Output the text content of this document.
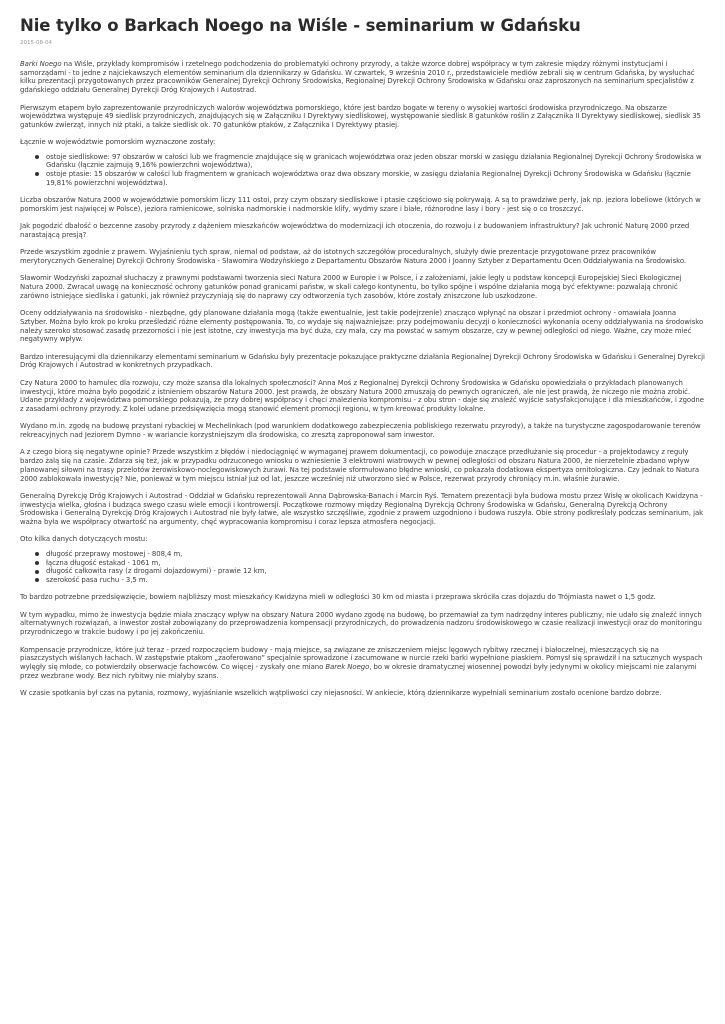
Nie tylko o Barkach Noego na Wiśle - seminarium w Gdańsku
2015-08-04

Barki Noego na Wiśle, przykłady kompromisów i rzetelnego podchodzenia do problematyki ochrony przyrody, a także wzorce dobrej współpracy w tym zakresie między różnymi instytucjami i samorządami - to jedne z najciekawszych elementów seminarium dla dziennikarzy w Gdańsku. W czwartek, 9 września 2010 r., przedstawiciele mediów zebrali się w centrum Gdańska, by wysłuchać kilku prezentacji przygotowanych przez pracowników Generalnej Dyrekcji Ochrony Środowiska, Regionalnej Dyrekcji Ochrony Środowiska w Gdańsku oraz zaproszonych na seminarium specjalistów z gdańskiego oddziału Generalnej Dyrekcji Dróg Krajowych i Autostrad.

Pierwszym etapem było zaprezentowanie przyrodniczych walorów województwa pomorskiego, które jest bardzo bogate w tereny o wysokiej wartości środowiska przyrodniczego. Na obszarze województwa występuje 49 siedlisk przyrodniczych, znajdujących się w Załączniku I Dyrektywy siedliskowej, występowanie siedlisk 8 gatunków roślin z Załącznika II Dyrektywy siedliskowej, siedlisk 35 gatunków zwierząt, innych niż ptaki, a także siedlisk ok. 70 gatunków ptaków, z Załącznika I Dyrektywy ptasiej.

Łącznie w województwie pomorskim wyznaczone zostały:

ostoje siedliskowe: 97 obszarów w całości lub we fragmencie znajdujące się w granicach województwa oraz jeden obszar morski w zasięgu działania Regionalnej Dyrekcji Ochrony Środowiska w Gdańsku (łącznie zajmują 9,16% powierzchni województwa),
ostoje ptasie: 15 obszarów w całości lub fragmentem w granicach województwa oraz dwa obszary morskie, w zasięgu działania Regionalnej Dyrekcji Ochrony Środowiska w Gdańsku (łącznie 19,81% powierzchni województwa).

Liczba obszarów Natura 2000 w województwie pomorskim liczy 111 ostoi, przy czym obszary siedliskowe i ptasie częściowo się pokrywają. A są to prawdziwe perły, jak np. jeziora lobeliowe (których w pomorskim jest najwięcej w Polsce), jeziora ramienicowe, solniska nadmorskie i nadmorskie klify, wydmy szare i białe, różnorodne lasy i bory - jest się o co troszczyć.

Jak pogodzić dbałość o bezcenne zasoby przyrody z dążeniem mieszkańców województwa do modernizacji ich otoczenia, do rozwoju i z budowaniem infrastruktury? Jak uchronić Naturę 2000 przed narastającą presją?

Przede wszystkim zgodnie z prawem. Wyjaśnieniu tych spraw, niemal od podstaw, aż do istotnych szczegółów proceduralnych, służyły dwie prezentacje przygotowane przez pracowników merytorycznych Generalnej Dyrekcji Ochrony Środowiska - Sławomira Wodzyńskiego z Departamentu Obszarów Natura 2000 i Joanny Sztyber z Departamentu Ocen Oddziaływania na Środowisko.

Sławomir Wodzyński zapoznał słuchaczy z prawnymi podstawami tworzenia sieci Natura 2000 w Europie i w Polsce, i z założeniami, jakie legły u podstaw koncepcji Europejskiej Sieci Ekologicznej Natura 2000. Zwracał uwagę na konieczność ochrony gatunków ponad granicami państw, w skali całego kontynentu, bo tylko spójne i wspólne działania mogą być efektywne: pozwalają chronić zarówno istniejące siedliska i gatunki, jak również przyczyniają się do naprawy czy odtworzenia tych zasobów, które zostały zniszczone lub uszkodzone.

Oceny oddziaływania na środowisko - niezbędne, gdy planowane działania mogą (także ewentualnie, jest takie podejrzenie) znacząco wpłynąć na obszar i przedmiot ochrony - omawiała Joanna Sztyber. Można było krok po kroku prześledzić różne elementy postępowania. To, co wydaje się najważniejsze: przy podejmowaniu decyzji o konieczności wykonania oceny oddziaływania na środowisko należy szeroko stosować zasadę przezorności i nie jest istotne, czy inwestycja ma być duża, czy mała, czy ma powstać w samym obszarze, czy w pewnej odległości od niego. Ważne, czy może mieć negatywny wpływ.

Bardzo interesującymi dla dziennikarzy elementami seminarium w Gdańsku były prezentacje pokazujące praktyczne działania Regionalnej Dyrekcji Ochrony Środowiska w Gdańsku i Generalnej Dyrekcji Dróg Krajowych i Autostrad w konkretnych przypadkach.

Czy Natura 2000 to hamulec dla rozwoju, czy może szansa dla lokalnych społeczności? Anna Moś z Regionalnej Dyrekcji Ochrony Środowiska w Gdańsku opowiedziała o przykładach planowanych inwestycji, które można było pogodzić z istnieniem obszarów Natura 2000. Jest prawdą, że obszary Natura 2000 zmuszają do pewnych ograniczeń, ale nie jest prawdą, że niczego nie można zrobić. Udane przykłady z województwa pomorskiego pokazują, że przy dobrej współpracy i chęci znalezienia kompromisu - z obu stron - daje się znaleźć wyjście satysfakcjonujące i dla mieszkańców, i zgodne z zasadami ochrony przyrody. Z kolei udane przedsięwzięcia mogą stanowić element promocji regionu, w tym kreować produkty lokalne.

Wydano m.in. zgodę na budowę przystani rybackiej w Mechelinkach (pod warunkiem dodatkowego zabezpieczenia pobliskiego rezerwatu przyrody), a także na turystyczne zagospodarowanie terenów rekreacyjnych nad Jeziorem Dymno - w wariancie korzystniejszym dla środowiska, co zresztą zaproponował sam inwestor.

A z czego biorą się negatywne opinie? Przede wszystkim z błędów i niedociągnięć w wymaganej prawem dokumentacji, co powoduje znaczące przedłużanie się procedur - a projektodawcy z reguły bardzo żalą się na czasie. Zdarza się też, jak w przypadku odrzuconego wniosku o wzniesienie 3 elektrowni wiatrowych w pewnej odległości od obszaru Natura 2000, że nierzetelnie zbadano wpływ planowanej siłowni na trasy przelotów żerowiskowo-noclegowiskowych żurawi. Na tej podstawie sformułowano błędne wnioski, co pokazała dodatkowa ekspertyza ornitologiczna. Czy jednak to Natura 2000 zablokowała inwestycję? Nie, ponieważ w tym miejscu istniał już od lat, jeszcze wcześniej niż utworzono sieć w Polsce, rezerwat przyrody chroniący m.in. właśnie żurawie.

Generalną Dyrekcję Dróg Krajowych i Autostrad - Oddział w Gdańsku reprezentowali Anna Dąbrowska-Banach i Marcin Ryś. Tematem prezentacji była budowa mostu przez Wisłę w okolicach Kwidzyna - inwestycja wielka, głośna i budząca swego czasu wiele emocji i kontrowersji. Początkowe rozmowy między Regionalną Dyrekcją Ochrony Środowiska w Gdańsku, Generalną Dyrekcją Ochrony Środowiska i Generalną Dyrekcję Dróg Krajowych i Autostrad nie były łatwe, ale wszystko szczęśliwie, zgodnie z prawem uzgodniono i budowa ruszyła. Obie strony podkreślały podczas seminarium, jak ważna była we współpracy otwartość na argumenty, chęć wypracowania kompromisu i coraz lepsza atmosfera negocjacji.

Oto kilka danych dotyczących mostu:

długość przeprawy mostowej - 808,4 m,
łączna długość estakad - 1061 m,
długość całkowita rasy (z drogami dojazdowymi) - prawie 12 km,
szerokość pasa ruchu - 3,5 m.

To bardzo potrzebne przedsięwzięcie, bowiem najbliższy most mieszkańcy Kwidzyna mieli w odległości 30 km od miasta i przeprawa skróciła czas dojazdu do Trójmiasta nawet o 1,5 godz.

W tym wypadku, mimo że inwestycja będzie miała znaczący wpływ na obszary Natura 2000 wydano zgodę na budowę, bo przemawiał za tym nadrzędny interes publiczny, nie udało się znaleźć innych alternatywnych rozwiązań, a inwestor został zobowiązany do przeprowadzenia kompensacji przyrodniczych, do prowadzenia nadzoru środowiskowego w czasie realizacji inwestycji oraz do monitoringu przyrodniczego w trakcie budowy i po jej zakończeniu.

Kompensacje przyrodnicze, które już teraz - przed rozpoczęciem budowy - mają miejsce, są związane ze zniszczeniem miejsc lęgowych rybitwy rzecznej i białoczelnej, mieszczących się na piaszczystych wiślanych łachach. W zastępstwie ptakom „zaoferowano” specjalnie sprowadzone i zacumowane w nurcie rzeki barki wypełnione piaskiem. Pomysł się sprawdził i na sztucznych wyspach wylęgły się młode, co potwierdziły obserwacje fachowców. Co więcej - zyskały one miano Barek Noego, bo w okresie dramatycznej wiosennej powodzi były jedynymi w okolicy miejscami nie zalanymi przez wezbrane wody. Bez nich rybitwy nie miałyby szans.

W czasie spotkania był czas na pytania, rozmowy, wyjaśnianie wszelkich wątpliwości czy niejasności. W ankiecie, którą dziennikarze wypełniali seminarium zostało ocenione bardzo dobrze.
